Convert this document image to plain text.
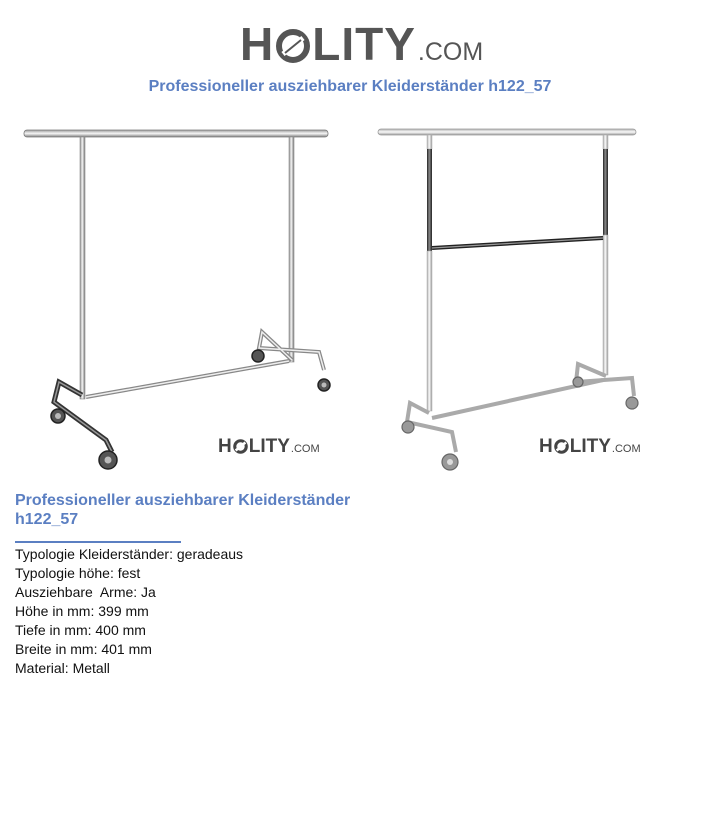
H LITY .COM
Professioneller ausziehbarer Kleiderständer h122_57
H LITY .COM	H LITY .COM
Professioneller ausziehbarer Kleiderständer h122_57
Typologie Kleiderständer: geradeaus
Typologie höhe: fest
Ausziehbare  Arme: Ja
Höhe in mm: 399 mm
Tiefe in mm: 400 mm
Breite in mm: 401 mm
Material: Metall
